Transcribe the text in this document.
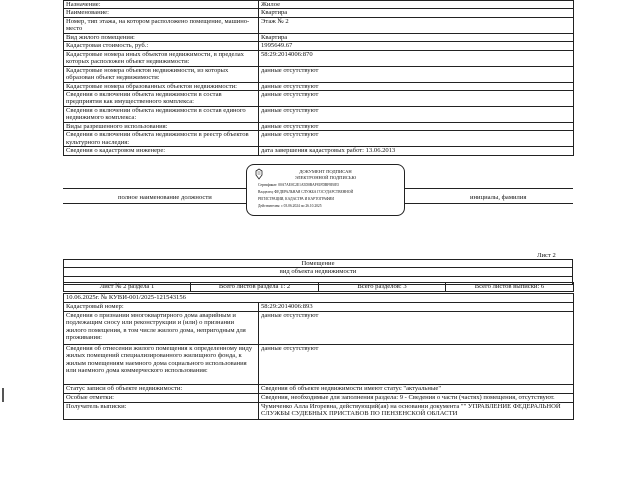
Назначение:	Жилое
Наименование:	Квартира
Номер, тип этажа, на котором расположено помещение, машино-место	Этаж № 2
Вид жилого помещения:	Квартира
Кадастровая стоимость, руб.:	1995649.67
Кадастровые номера иных объектов недвижимости, в пределах которых расположен объект недвижимости:	58:29:2014006:870
Кадастровые номера объектов недвижимости, из которых образован объект недвижимости:	данные отсутствуют
Кадастровые номера образованных объектов недвижимости:	данные отсутствуют
Сведения о включении объекта недвижимости в состав предприятия как имущественного комплекса:	данные отсутствуют
Сведения о включении объекта недвижимости в состав единого недвижимого комплекса:	данные отсутствуют
Виды разрешенного использования:	данные отсутствуют
Сведения о включении объекта недвижимости в реестр объектов культурного наследия:	данные отсутствуют
Сведения о кадастровом инженере:	дата завершения кадастровых работ: 13.06.2013
полное наименование должности	инициалы, фамилия
ДОКУМЕНТ ПОДПИСАН
ЭЛЕКТРОННОЙ ПОДПИСЬЮ
Сертификат: 00A7AE0C2E1A5D0BAF81FDBF8E0E5
Владелец: ФЕДЕРАЛЬНАЯ СЛУЖБА ГОСУДАРСТВЕННОЙ
РЕГИСТРАЦИИ, КАДАСТРА И КАРТОГРАФИИ
Действителен: с 03.06.2024 по 26.10.2025
Лист 2
Помещение
вид объекта недвижимости

Лист № 2 раздела 1	Всего листов раздела 1: 2	Всего разделов: 3	Всего листов выписки: 6
10.06.2025г. № КУВИ-001/2025-121543156	
Кадастровый номер:	58:29:2014006:893
Сведения о признании многоквартирного дома аварийным и подлежащим сносу или реконструкции и (или) о признании жилого помещения, в том числе жилого дома, непригодным для проживания:	данные отсутствуют
Сведения об отнесении жилого помещения к определенному виду жилых помещений специализированного жилищного фонда, к жилым помещениям наемного дома социального использования или наемного дома коммерческого использования:	данные отсутствуют
Статус записи об объекте недвижимости:	Сведения об объекте недвижимости имеют статус "актуальные"
Особые отметки:	Сведения, необходимые для заполнения раздела: 9 - Сведения о части (частях) помещения, отсутствуют.
Получатель выписки:	Чумиченко Алла Игоревна, действующий(ая) на основании документа "" УПРАВЛЕНИЕ ФЕДЕРАЛЬНОЙ СЛУЖБЫ СУДЕБНЫХ ПРИСТАВОВ ПО ПЕНЗЕНСКОЙ ОБЛАСТИ
